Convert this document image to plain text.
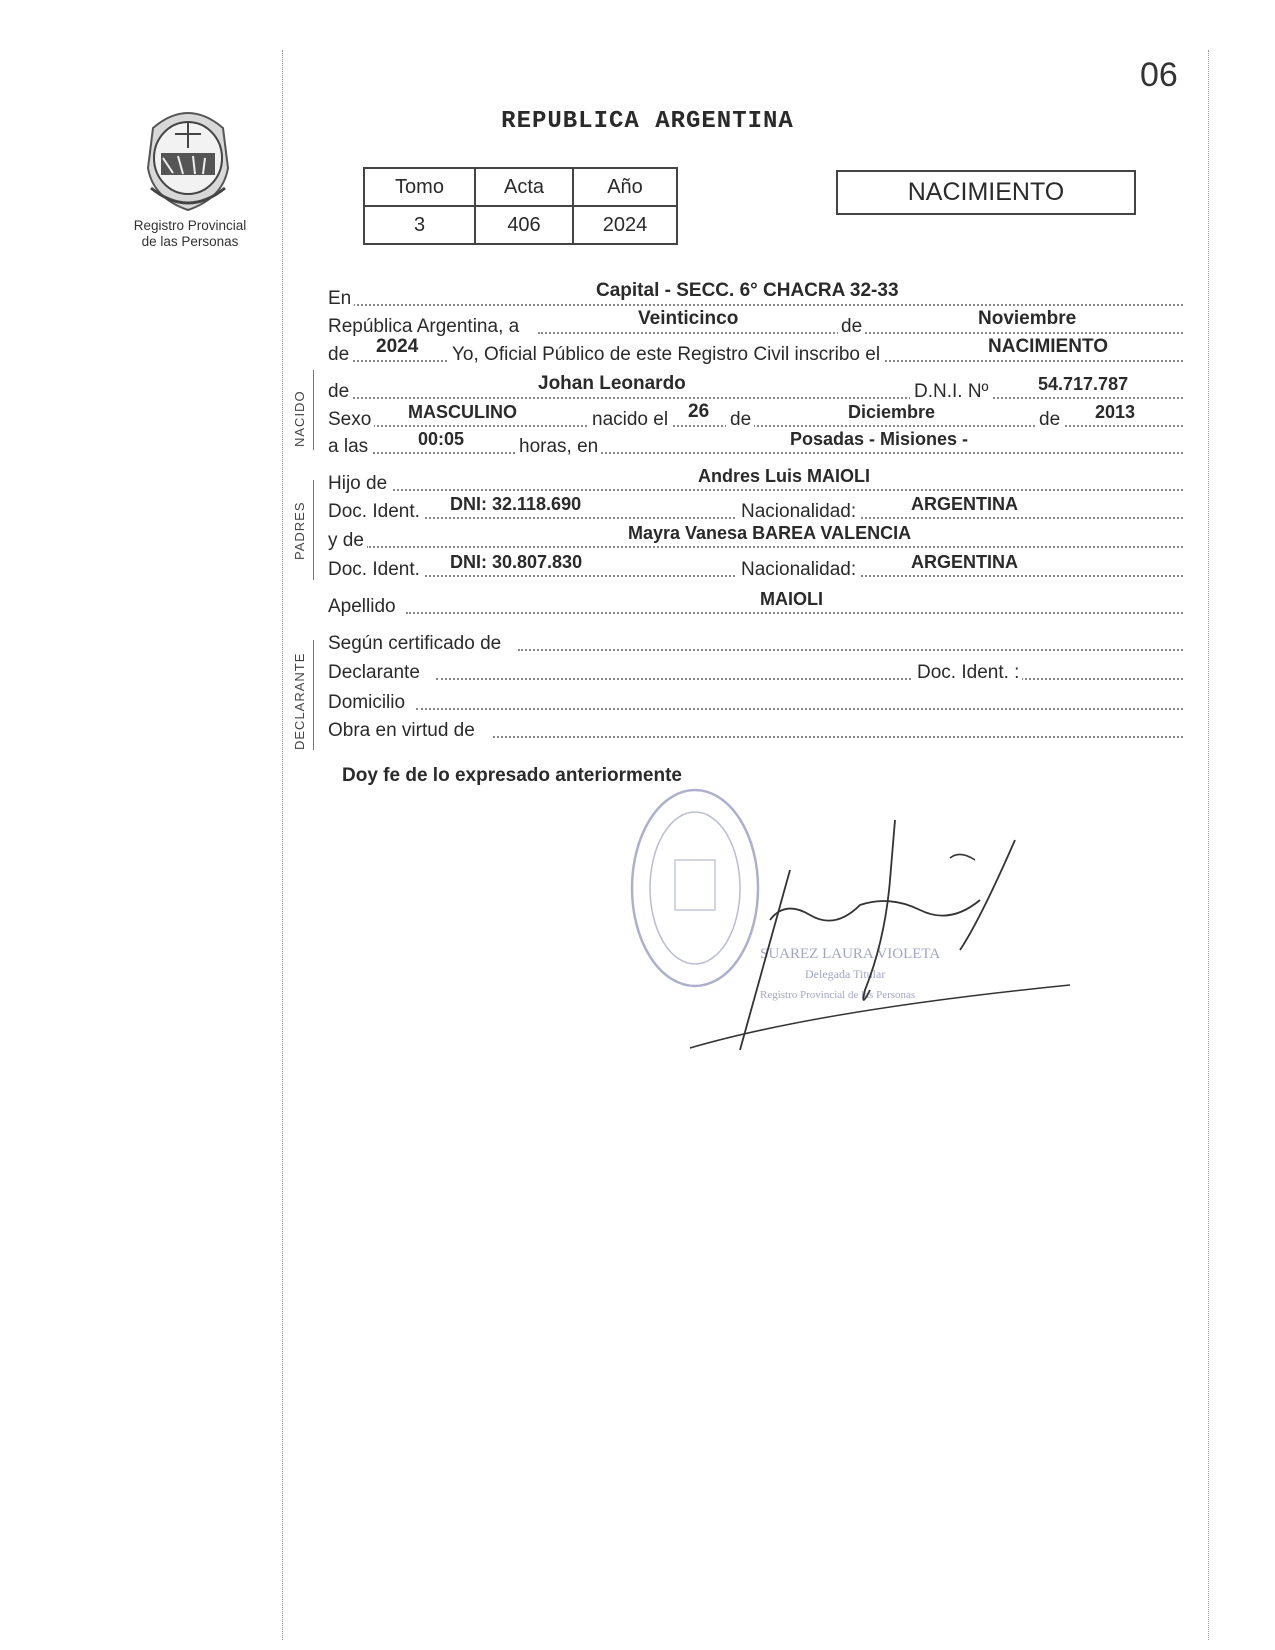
06
Registro Provincial
de las Personas
REPUBLICA ARGENTINA
Tomo	Acta	Año
3	406	2024
NACIMIENTO
NACIDO
PADRES
DECLARANTE
En	Capital - SECC. 6° CHACRA 32-33
República Argentina, a	Veinticinco	de	Noviembre
de 2024 Yo, Oficial Público de este Registro Civil inscribo el	NACIMIENTO
de	Johan Leonardo	D.N.I. Nº	54.717.787
Sexo MASCULINO	nacido el 26 de	Diciembre	de 2013
a las	00:05	horas, en	Posadas - Misiones -
Hijo de	Andres Luis MAIOLI
Doc. Ident. DNI: 32.118.690	Nacionalidad:	ARGENTINA
y de	Mayra Vanesa BAREA VALENCIA
Doc. Ident. DNI: 30.807.830	Nacionalidad:	ARGENTINA
Apellido	MAIOLI
Según certificado de
Declarante	Doc. Ident. :
Domicilio
Obra en virtud de
Doy fe de lo expresado anteriormente
SUAREZ LAURA VIOLETA
Delegada Titular
Registro Provincial de las Personas
